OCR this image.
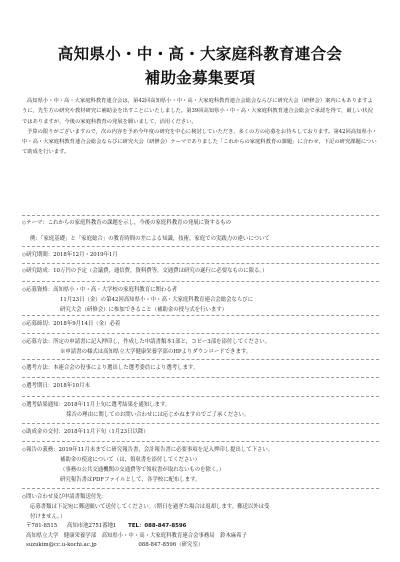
高知県小・中・高・大家庭科教育連合会
補助金募集要項

高知県小・中・高・大家庭科教育連合会は，第42回高知県小・中・高・大家庭科教育連合会総会ならびに研究大会（研修会）案内にもありますように，先生方の研究や教材研究に補助金を出すことにいたしました。第39回高知県小・中・高・大家庭科教育連合会総会で承認を得て，厳しい状況ではありますが，今後の家庭科教育の発展を願いまして，活用ください。

予算の限りがございますので，次の内容を予め今年度の研究を中心に検討していただき，多くの方の応募をお待ちしております。第42回高知県小・中・高・大家庭科教育連合会総会ならびに研究大会（研修会）テーマでありました「これからの家庭科教育の課題」に合わせ，下記の研究課題について助成を行います。

◇テーマ：これからの家庭科教育の課題を示し，今後の家庭科教育の発展に資するもの
例：「家庭基礎」と「家庭総合」の教育時間の差による知識，技術，家庭での実践力の違いについて
◇研究期間：2018年12月・2019年1月
◇研究助成：10万円の予定（会議費，通信費，資料費等，交通費は研究の遂行に必要なものに限る。）
◇応募資格：高知県小・中・高・大学校の家庭科教育に関わる者
11月23日（金）の第42回高知県小・中・高・大家庭科教育連合会総会ならびに
研究大会（研修会）に参加できること（補助金の授与式を行います）
◇応募締切：2018年9月14日（金）必着
◇応募方法：所定の申請書に記入押印し，作成した申請書類本1部と，コピー3部を添付してください。
※申請書の様式は高知県立大学健康栄養学部のHPよりダウンロードできます。
◇選考方法：本連合会の役事により選出した選考委員により選考します。
◇選考期日：2018年10月末
◇選考結果通知：2018年11月上旬に選考結果を通知します。
採否の理由に関してのお問い合わせには応じかねますのでご了承ください。
◇助成金の交付：2018年11月下旬（1月23日以降）
◇報告の義務：2019年11月末までに研究報告書，会計報告書に必要事項を記入押印し提出して下さい。
補助金の使途について（は，領収書を添付してください）
（事務の公共交通機関の交通費等で領収書が取れないものを除く。）
研究報告書はPDFファイルとして，各学校に配布します。
◇問い合わせ及び申請書類送付先：
応募書類は下記宛に郵送願いて送付してください。（期日を過ぎた場合は返却します。郵送以外は受
付けません。）
〒781-8515 高知市池2751番地1 TEL：088-847-8596
高知県立大学　健康栄養学部　高知県小・中・高・大家庭科教育連合会事務局　鈴木麻希子
suzukim@cc.u-kochi.ac.jp	088-847-8596（研究室）
